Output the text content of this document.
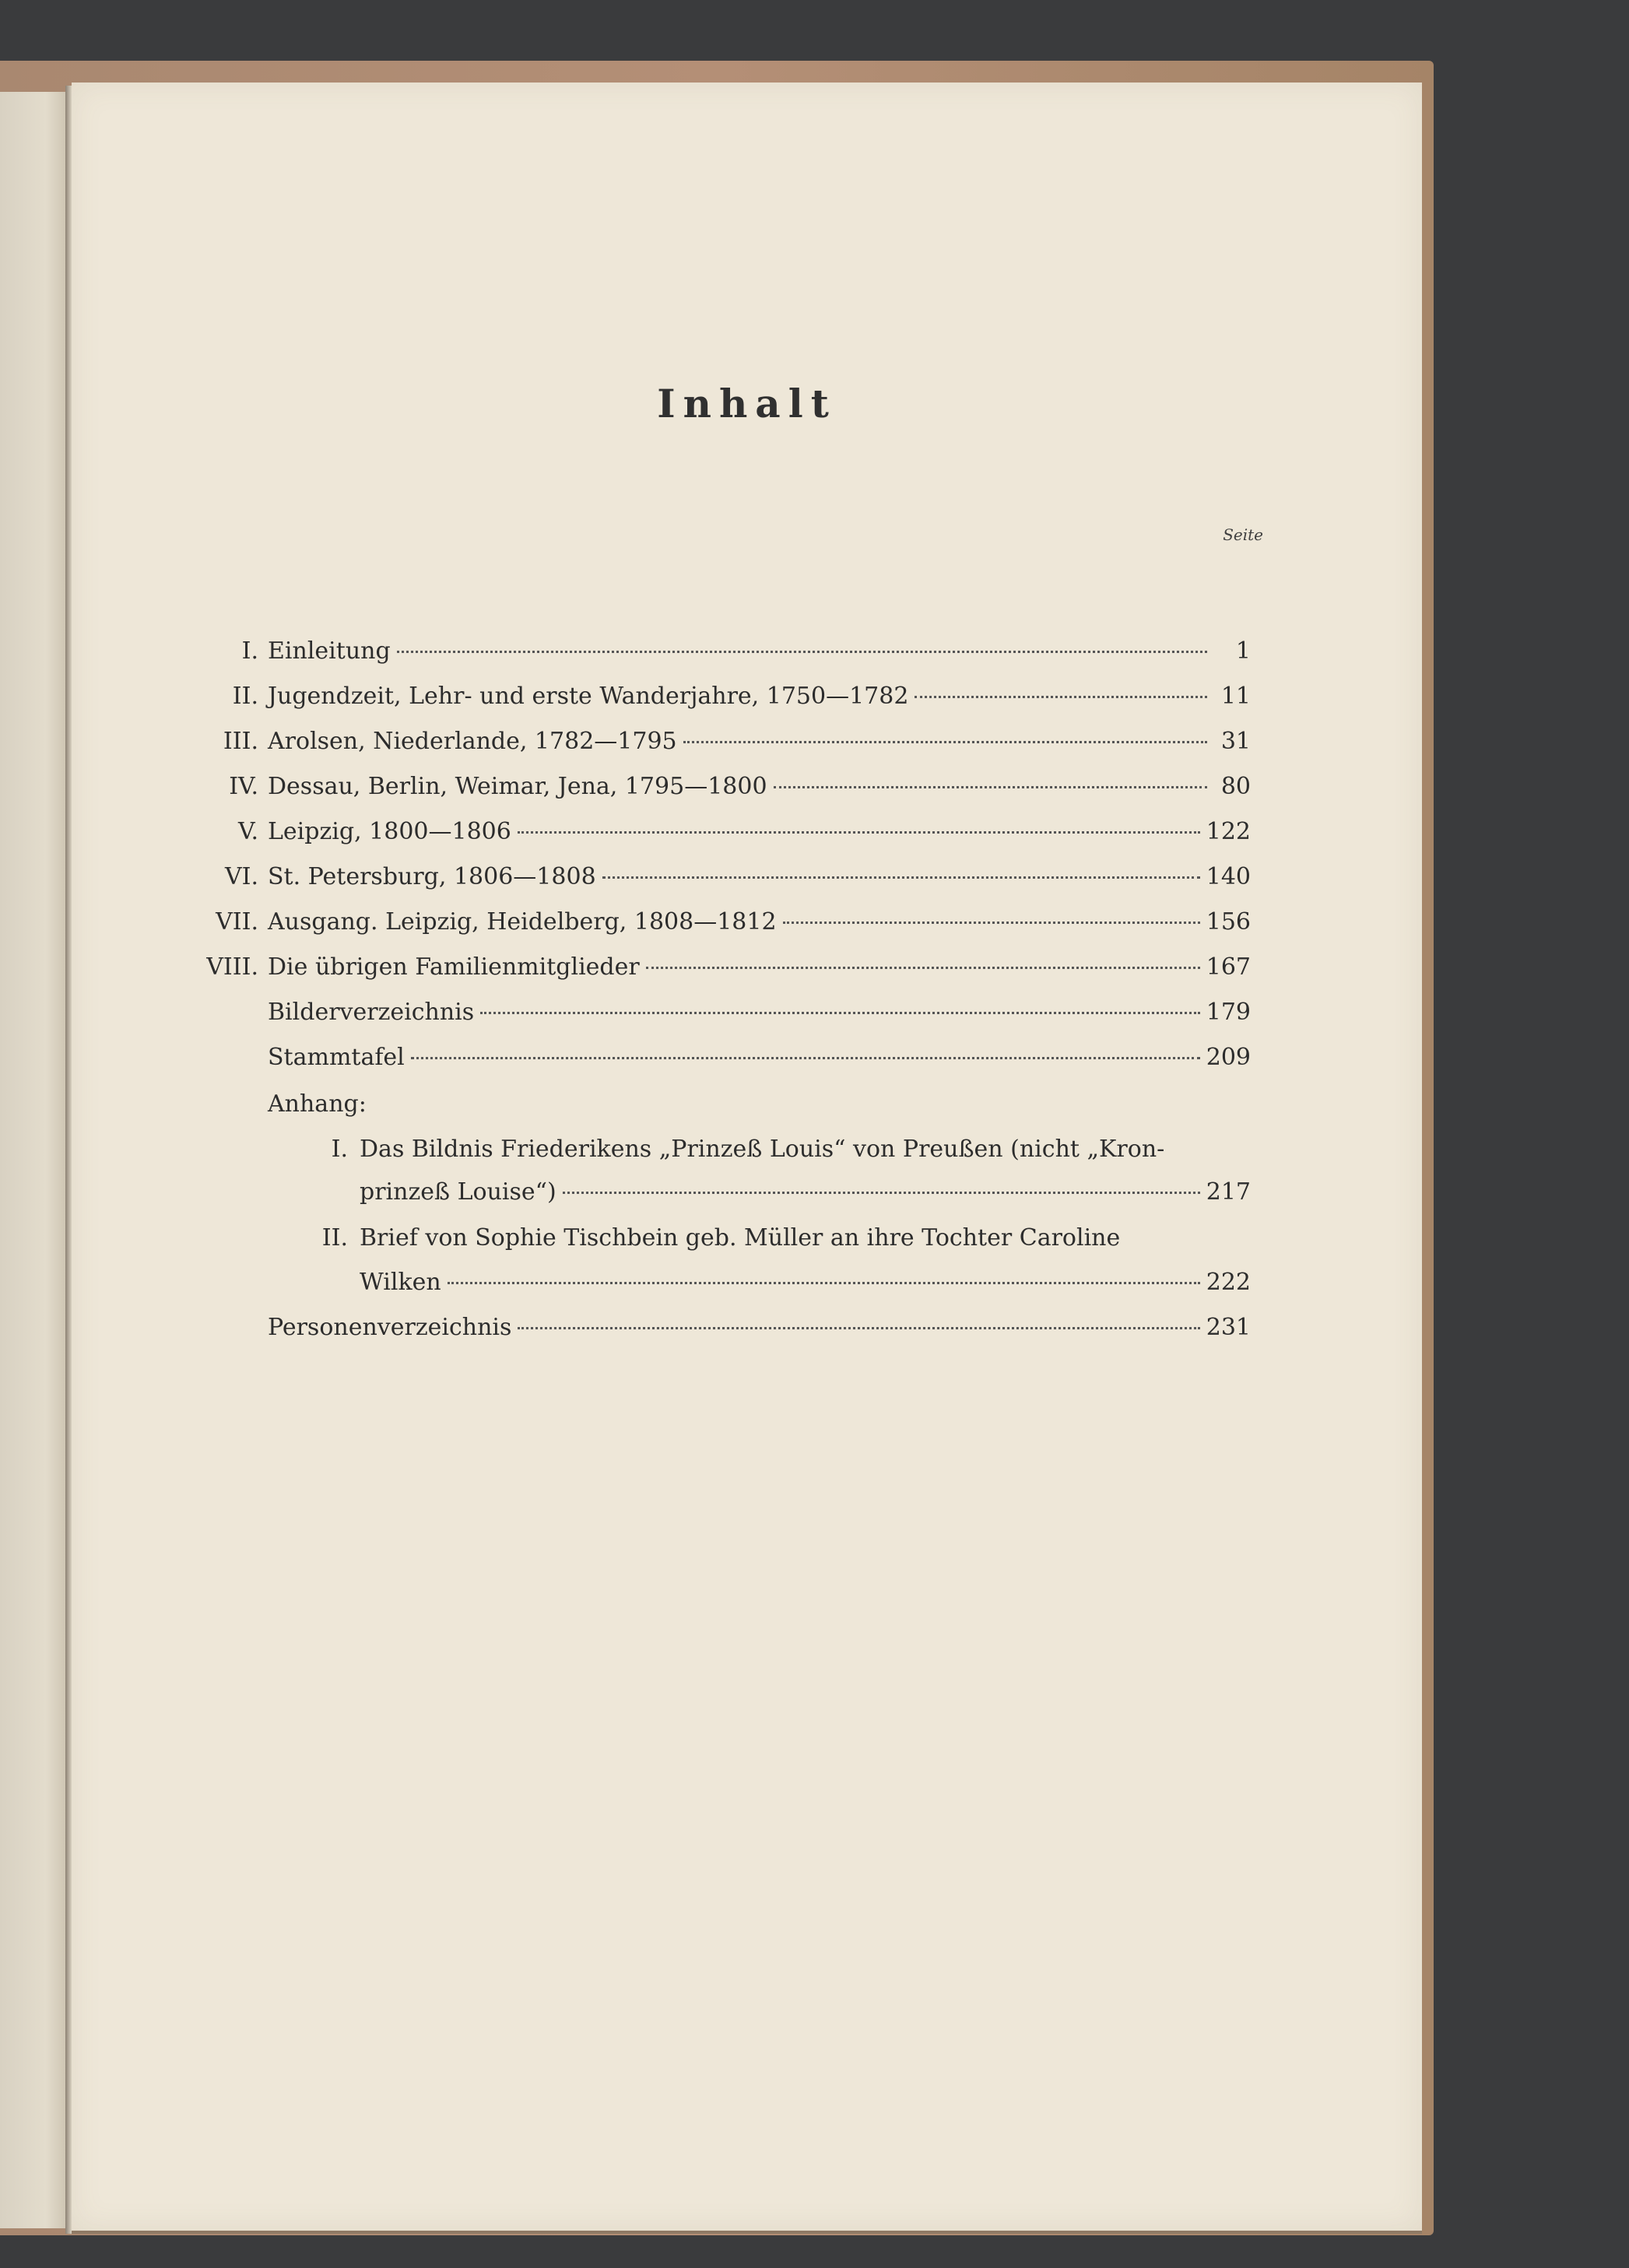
Inhalt
Seite
I. Einleitung	1
II. Jugendzeit, Lehr- und erste Wanderjahre, 1750—1782	11
III. Arolsen, Niederlande, 1782—1795	31
IV. Dessau, Berlin, Weimar, Jena, 1795—1800	80
V. Leipzig, 1800—1806	122
VI. St. Petersburg, 1806—1808	140
VII. Ausgang. Leipzig, Heidelberg, 1808—1812	156
VIII. Die übrigen Familienmitglieder	167
Bilderverzeichnis	179
Stammtafel	209
Anhang:
I. Das Bildnis Friederikens „Prinzeß Louis“ von Preußen (nicht „Kron-
prinzeß Louise“)	217
II. Brief von Sophie Tischbein geb. Müller an ihre Tochter Caroline
Wilken	222
Personenverzeichnis	231
